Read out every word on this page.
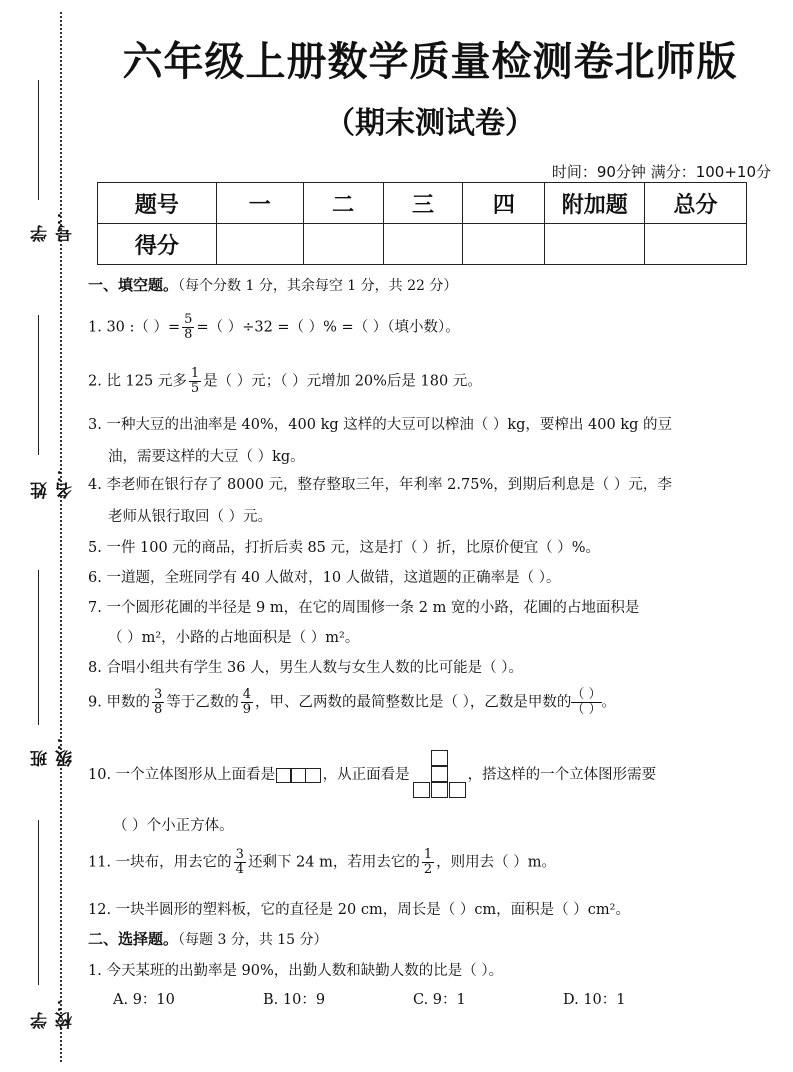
学号：
姓名：
班级：
学校：
六年级上册数学质量检测卷北师版
（期末测试卷）
时间：90分钟 满分：100+10分
题号	一	二	三	四	附加题	总分
得分						
一、填空题。（每个分数 1 分，其余每空 1 分，共 22 分）
1. 30 :（ ）= $\frac{5}{8}$ =（ ）÷32 =（ ）% =（ ）（填小数）。
2. 比 125 元多 $\frac{1}{5}$ 是（ ）元；（ ）元增加 20%后是 180 元。
3. 一种大豆的出油率是 40%，400 kg 这样的大豆可以榨油（ ）kg，要榨出 400 kg 的豆
油，需要这样的大豆（ ）kg。
4. 李老师在银行存了 8000 元，整存整取三年，年利率 2.75%，到期后利息是（ ）元，李
老师从银行取回（ ）元。
5. 一件 100 元的商品，打折后卖 85 元，这是打（ ）折，比原价便宜（ ）%。
6. 一道题，全班同学有 40 人做对，10 人做错，这道题的正确率是（ ）。
7. 一个圆形花圃的半径是 9 m，在它的周围修一条 2 m 宽的小路，花圃的占地面积是
（ ）m²，小路的占地面积是（ ）m²。
8. 合唱小组共有学生 36 人，男生人数与女生人数的比可能是（ ）。
9. 甲数的 $\frac{3}{8}$ 等于乙数的 $\frac{4}{9}$ ，甲、乙两数的最简整数比是（ ），乙数是甲数的 （ ）
（ ） 。
10. 一个立体图形从上面看是	，从正面看是	，搭这样的一个立体图形需要
（ ）个小正方体。
11. 一块布，用去它的 $\frac{3}{4}$ 还剩下 24 m，若用去它的 $\frac{1}{2}$ ，则用去（ ）m。
12. 一块半圆形的塑料板，它的直径是 20 cm，周长是（ ）cm，面积是（ ）cm²。
二、选择题。（每题 3 分，共 15 分）
1. 今天某班的出勤率是 90%，出勤人数和缺勤人数的比是（ ）。
A. 9：10	B. 10：9	C. 9：1	D. 10：1
